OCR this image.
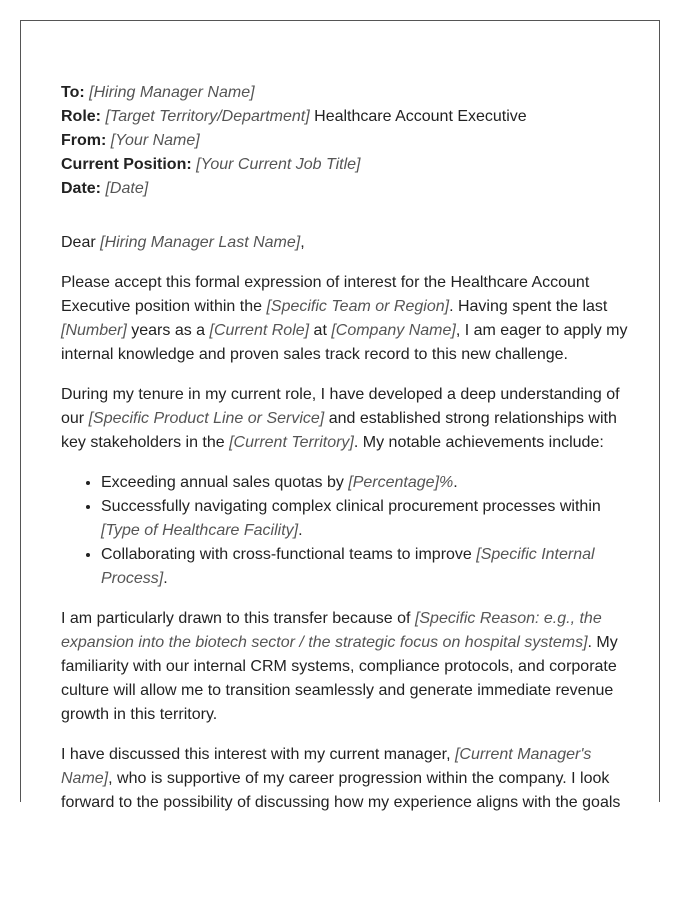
To: [Hiring Manager Name]
Role: [Target Territory/Department] Healthcare Account Executive
From: [Your Name]
Current Position: [Your Current Job Title]
Date: [Date]

Dear [Hiring Manager Last Name],

Please accept this formal expression of interest for the Healthcare Account Executive position within the [Specific Team or Region]. Having spent the last [Number] years as a [Current Role] at [Company Name], I am eager to apply my internal knowledge and proven sales track record to this new challenge.

During my tenure in my current role, I have developed a deep understanding of our [Specific Product Line or Service] and established strong relationships with key stakeholders in the [Current Territory]. My notable achievements include:

• Exceeding annual sales quotas by [Percentage]%.
• Successfully navigating complex clinical procurement processes within [Type of Healthcare Facility].
• Collaborating with cross-functional teams to improve [Specific Internal Process].

I am particularly drawn to this transfer because of [Specific Reason: e.g., the expansion into the biotech sector / the strategic focus on hospital systems]. My familiarity with our internal CRM systems, compliance protocols, and corporate culture will allow me to transition seamlessly and generate immediate revenue growth in this territory.

I have discussed this interest with my current manager, [Current Manager's Name], who is supportive of my career progression within the company. I look forward to the possibility of discussing how my experience aligns with the goals
